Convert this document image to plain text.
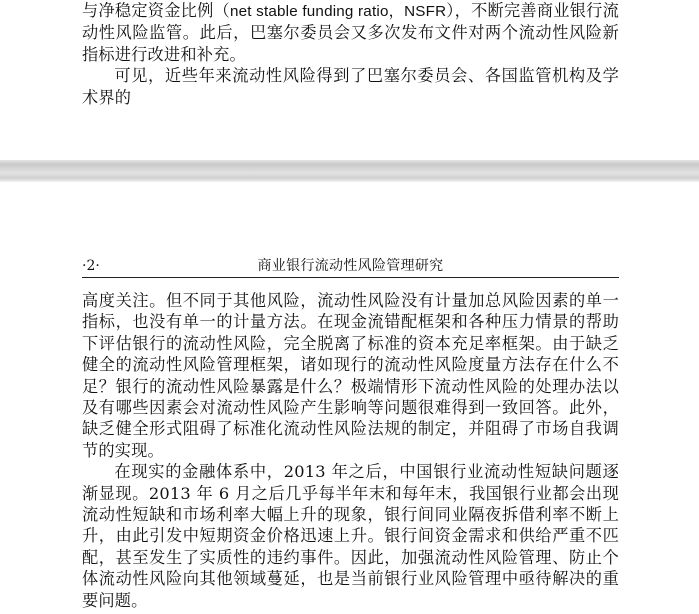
与净稳定资金比例（net stable funding ratio，NSFR），不断完善商业银行流动性风险监管。此后，巴塞尔委员会又多次发布文件对两个流动性风险新指标进行改进和补充。

可见，近些年来流动性风险得到了巴塞尔委员会、各国监管机构及学术界的

·2·	商业银行流动性风险管理研究

高度关注。但不同于其他风险，流动性风险没有计量加总风险因素的单一指标，也没有单一的计量方法。在现金流错配框架和各种压力情景的帮助下评估银行的流动性风险，完全脱离了标准的资本充足率框架。由于缺乏健全的流动性风险管理框架，诸如现行的流动性风险度量方法存在什么不足？银行的流动性风险暴露是什么？极端情形下流动性风险的处理办法以及有哪些因素会对流动性风险产生影响等问题很难得到一致回答。此外，缺乏健全形式阻碍了标准化流动性风险法规的制定，并阻碍了市场自我调节的实现。

在现实的金融体系中，2013 年之后，中国银行业流动性短缺问题逐渐显现。2013 年 6 月之后几乎每半年末和每年末，我国银行业都会出现流动性短缺和市场利率大幅上升的现象，银行间同业隔夜拆借利率不断上升，由此引发中短期资金价格迅速上升。银行间资金需求和供给严重不匹配，甚至发生了实质性的违约事件。因此，加强流动性风险管理、防止个体流动性风险向其他领域蔓延，也是当前银行业风险管理中亟待解决的重要问题。
